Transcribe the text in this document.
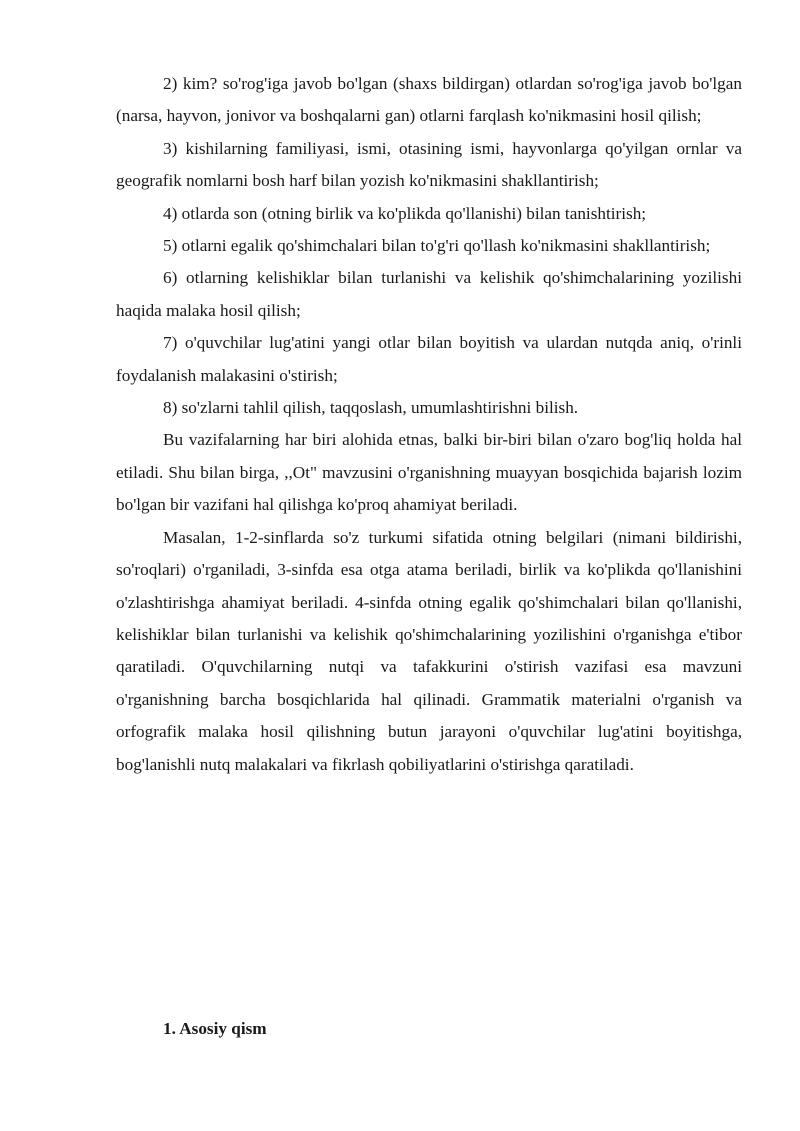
2) kim? so'rog'iga javob bo'lgan (shaxs bildirgan) otlardan so'rog'iga javob bo'lgan (narsa, hayvon, jonivor va boshqalarni gan) otlarni farqlash ko'nikmasini hosil qilish;

3) kishilarning familiyasi, ismi, otasining ismi, hayvonlarga qo'yilgan ornlar va geografik nomlarni bosh harf bilan yozish ko'nikmasini shakllantirish;

4) otlarda son (otning birlik va ko'plikda qo'llanishi) bilan tanishtirish;

5) otlarni egalik qo'shimchalari bilan to'g'ri qo'llash ko'nikmasini shakllantirish;

6) otlarning kelishiklar bilan turlanishi va kelishik qo'shimchalarining yozilishi haqida malaka hosil qilish;

7) o'quvchilar lug'atini yangi otlar bilan boyitish va ulardan nutqda aniq, o'rinli foydalanish malakasini o'stirish;

8) so'zlarni tahlil qilish, taqqoslash, umumlashtirishni bilish.

Bu vazifalarning har biri alohida etnas, balki bir-biri bilan o'zaro bog'liq holda hal etiladi. Shu bilan birga, ,,Ot" mavzusini o'rganishning muayyan bosqichida bajarish lozim bo'lgan bir vazifani hal qilishga ko'proq ahamiyat beriladi.

Masalan, 1-2-sinflarda so'z turkumi sifatida otning belgilari (nimani bildirishi, so'roqlari) o'rganiladi, 3-sinfda esa otga atama beriladi, birlik va ko'plikda qo'llanishini o'zlashtirishga ahamiyat beriladi. 4-sinfda otning egalik qo'shimchalari bilan qo'llanishi, kelishiklar bilan turlanishi va kelishik qo'shimchalarining yozilishini o'rganishga e'tibor qaratiladi. O'quvchilarning nutqi va tafakkurini o'stirish vazifasi esa mavzuni o'rganishning barcha bosqichlarida hal qilinadi. Grammatik materialni o'rganish va orfografik malaka hosil qilishning butun jarayoni o'quvchilar lug'atini boyitishga, bog'lanishli nutq malakalari va fikrlash qobiliyatlarini o'stirishga qaratiladi.

1. Asosiy qism
